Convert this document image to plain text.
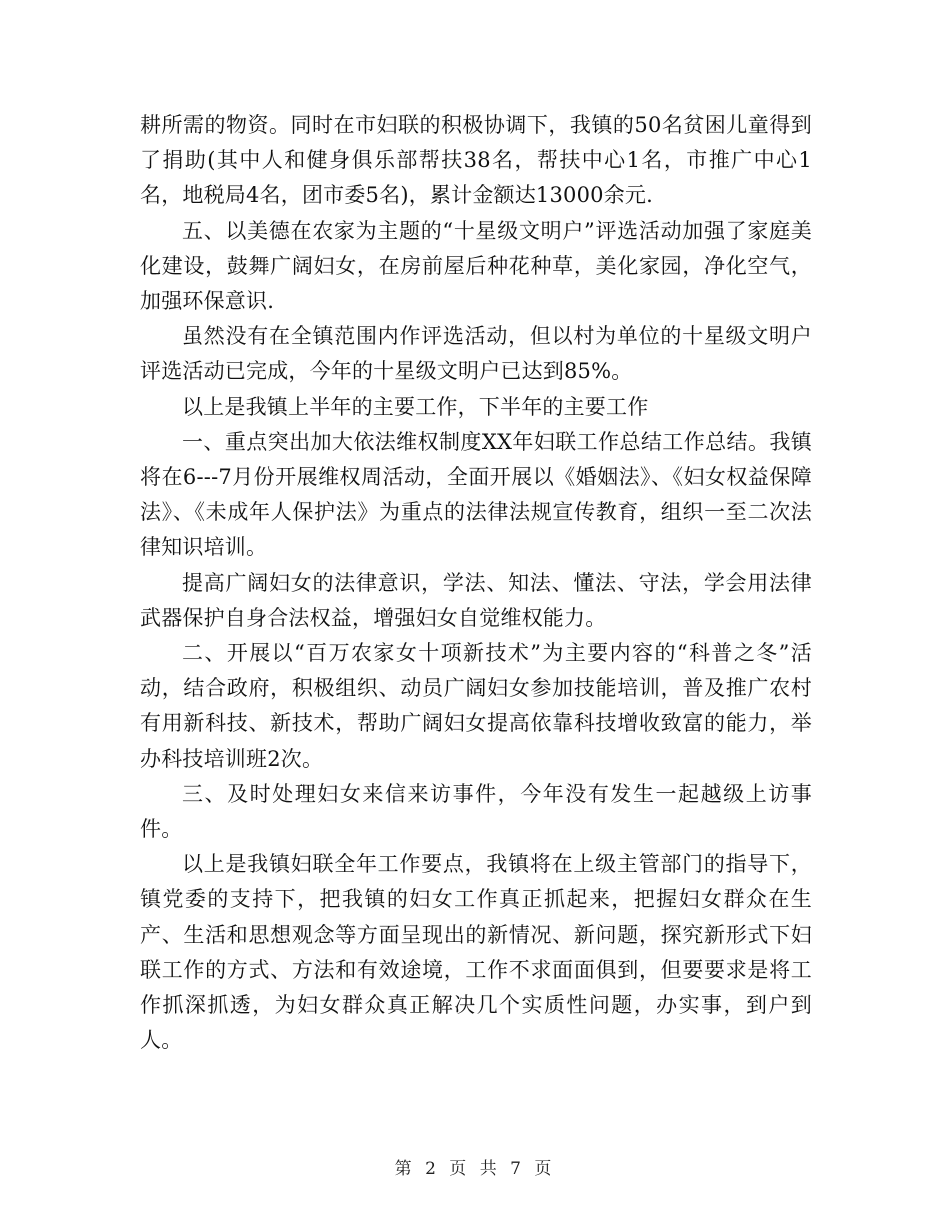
耕所需的物资。同时在市妇联的积极协调下，我镇的50名贫困儿童得到了捐助(其中人和健身俱乐部帮扶38名，帮扶中心1名，市推广中心1名，地税局4名，团市委5名)，累计金额达13000余元.

五、以美德在农家为主题的“十星级文明户”评选活动加强了家庭美化建设，鼓舞广阔妇女，在房前屋后种花种草，美化家园，净化空气，加强环保意识.

虽然没有在全镇范围内作评选活动，但以村为单位的十星级文明户评选活动已完成，今年的十星级文明户已达到85%。

以上是我镇上半年的主要工作，下半年的主要工作

一、重点突出加大依法维权制度XX年妇联工作总结工作总结。我镇将在6---7月份开展维权周活动，全面开展以《婚姻法》、《妇女权益保障法》、《未成年人保护法》为重点的法律法规宣传教育，组织一至二次法律知识培训。

提高广阔妇女的法律意识，学法、知法、懂法、守法，学会用法律武器保护自身合法权益，增强妇女自觉维权能力。

二、开展以“百万农家女十项新技术”为主要内容的“科普之冬”活动，结合政府，积极组织、动员广阔妇女参加技能培训，普及推广农村有用新科技、新技术，帮助广阔妇女提高依靠科技增收致富的能力，举办科技培训班2次。

三、及时处理妇女来信来访事件，今年没有发生一起越级上访事件。

以上是我镇妇联全年工作要点，我镇将在上级主管部门的指导下，镇党委的支持下，把我镇的妇女工作真正抓起来，把握妇女群众在生产、生活和思想观念等方面呈现出的新情况、新问题，探究新形式下妇联工作的方式、方法和有效途境，工作不求面面俱到，但要要求是将工作抓深抓透，为妇女群众真正解决几个实质性问题，办实事，到户到人。

第 2 页 共 7 页
